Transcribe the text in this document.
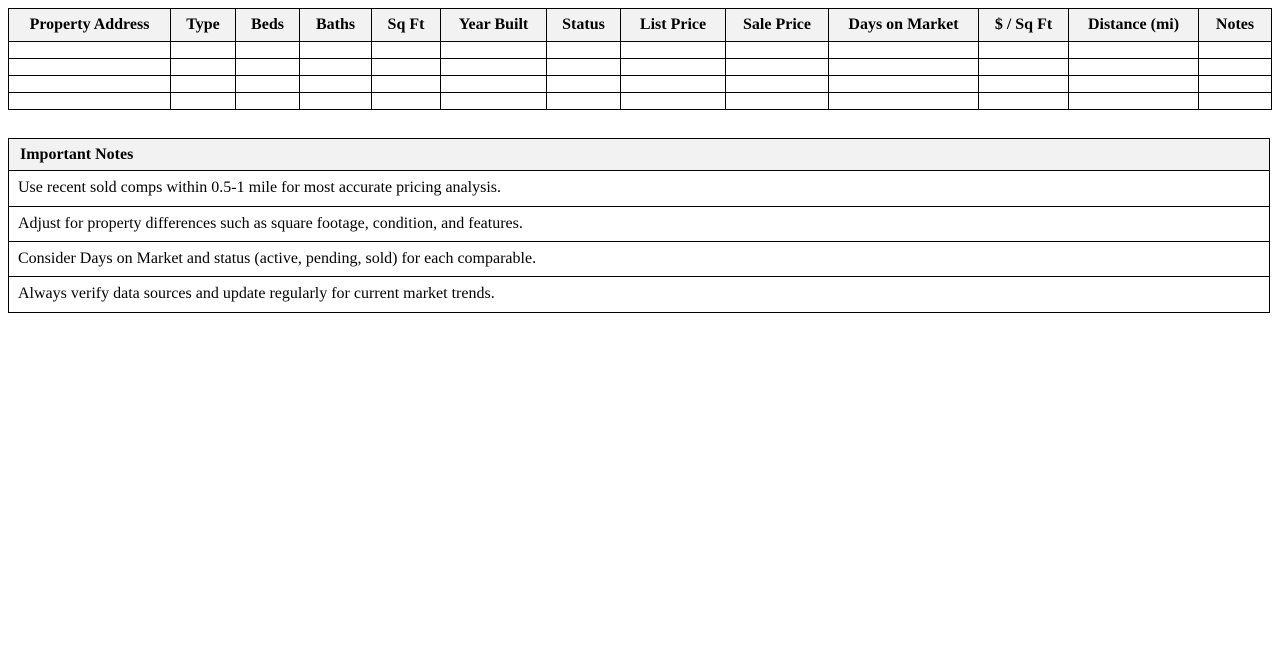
Property Address	Type	Beds	Baths	Sq Ft	Year Built	Status	List Price	Sale Price	Days on Market	$ / Sq Ft	Distance (mi)	Notes

Important Notes
Use recent sold comps within 0.5-1 mile for most accurate pricing analysis.
Adjust for property differences such as square footage, condition, and features.
Consider Days on Market and status (active, pending, sold) for each comparable.
Always verify data sources and update regularly for current market trends.
